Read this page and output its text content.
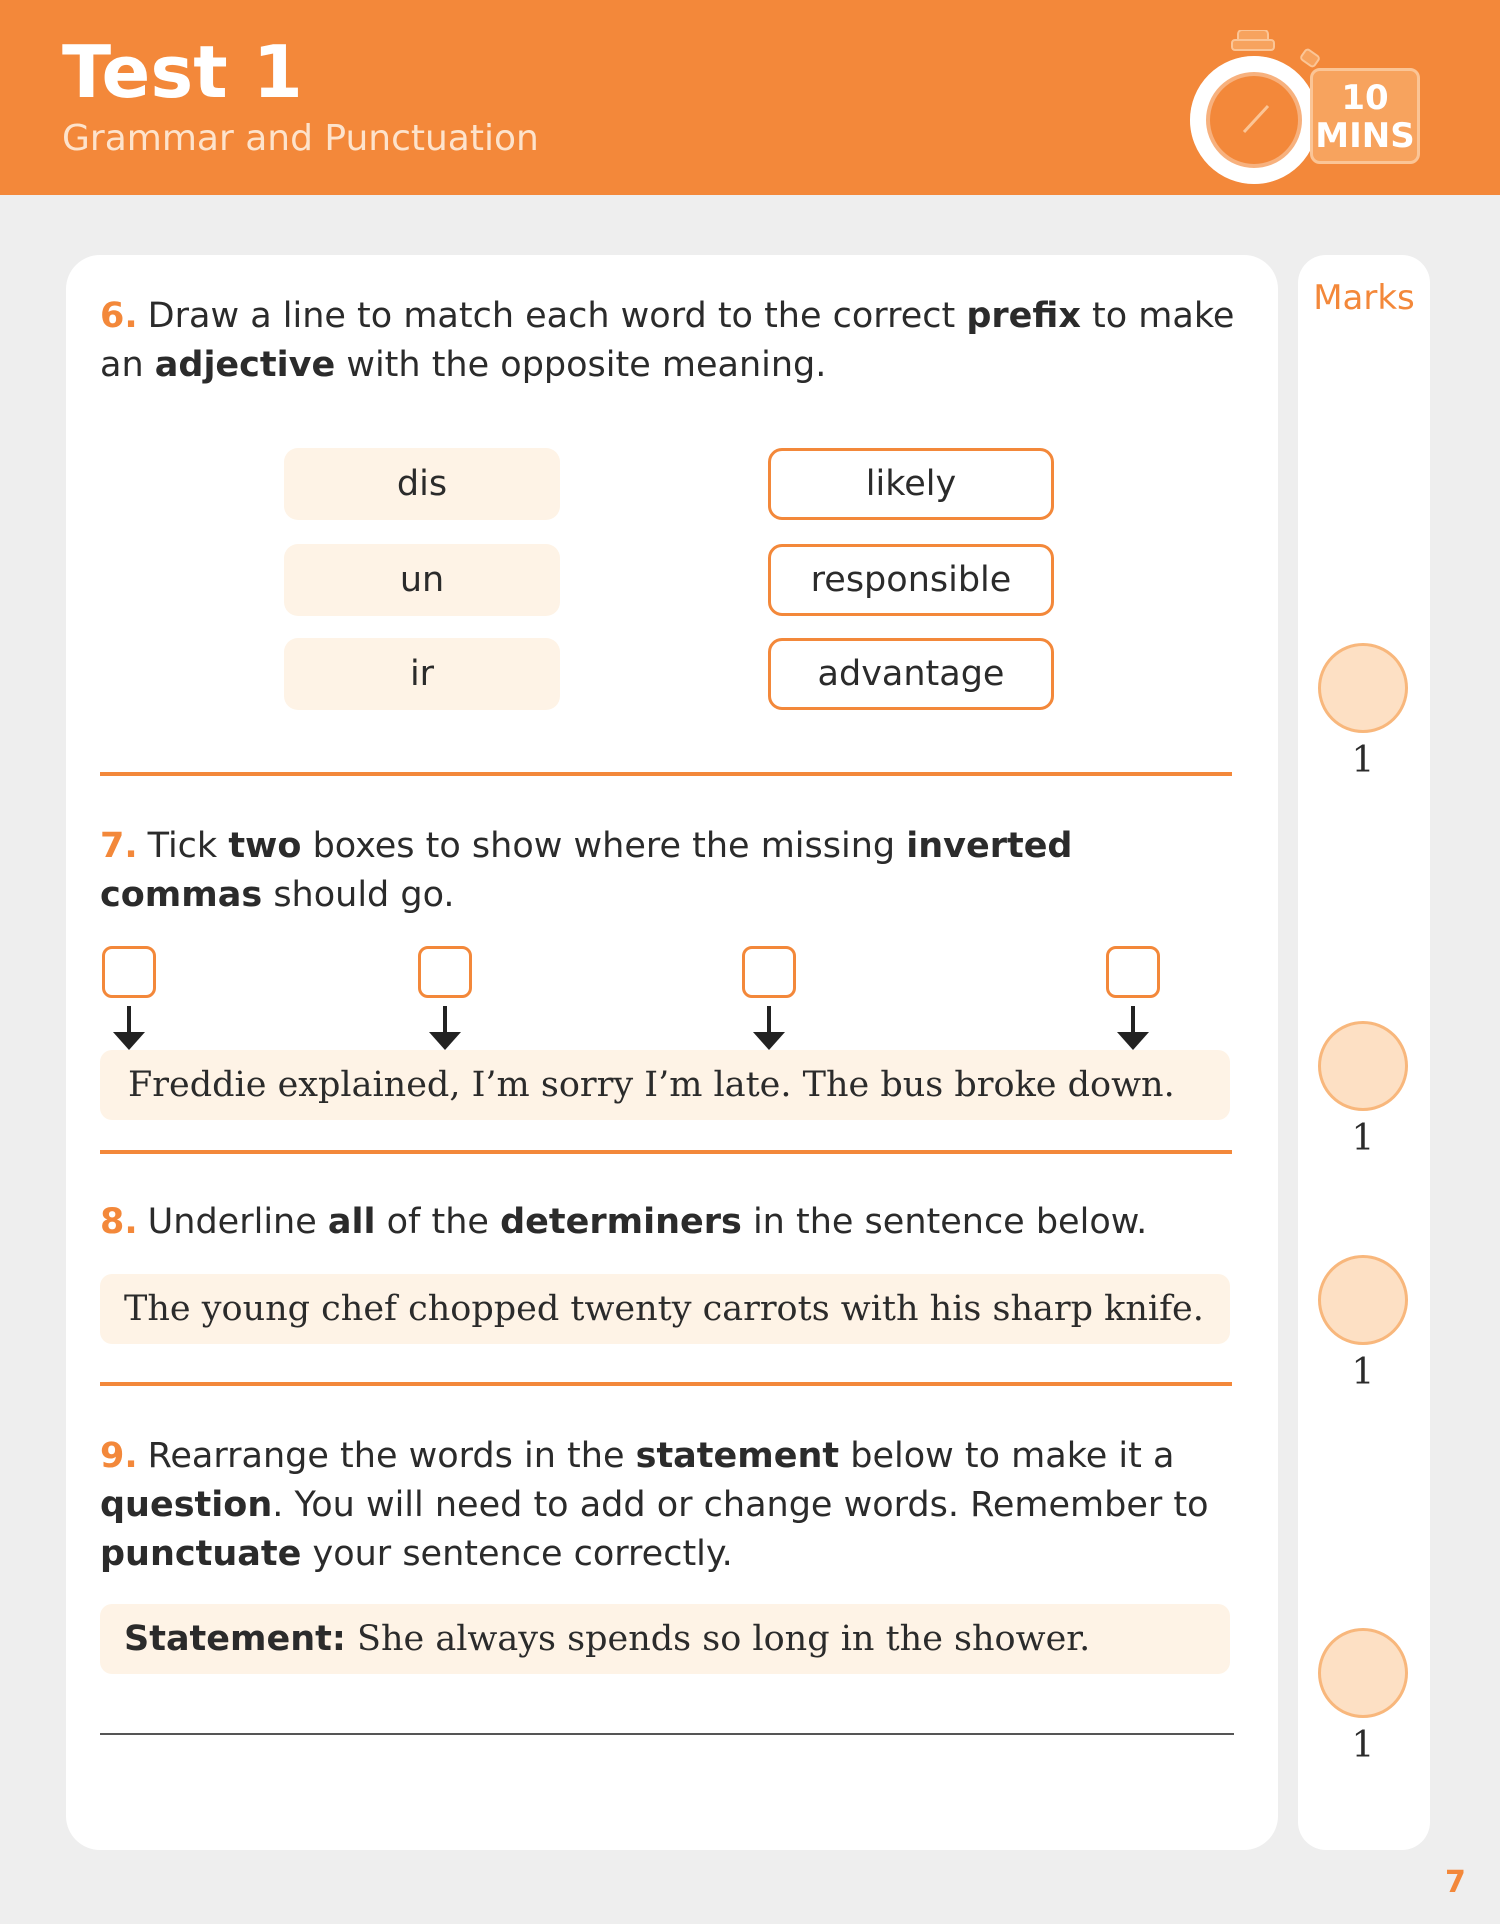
Test 1
Grammar and Punctuation
10
MINS
Marks
6. Draw a line to match each word to the correct prefix to make an adjective with the opposite meaning.
dis
un
ir
likely
responsible
advantage
7. Tick two boxes to show where the missing inverted commas should go.
Freddie explained, I’m sorry I’m late. The bus broke down.
8. Underline all of the determiners in the sentence below.
The young chef chopped twenty carrots with his sharp knife.
9. Rearrange the words in the statement below to make it a question. You will need to add or change words. Remember to punctuate your sentence correctly.
Statement: She always spends so long in the shower.
1
1
1
1
7
